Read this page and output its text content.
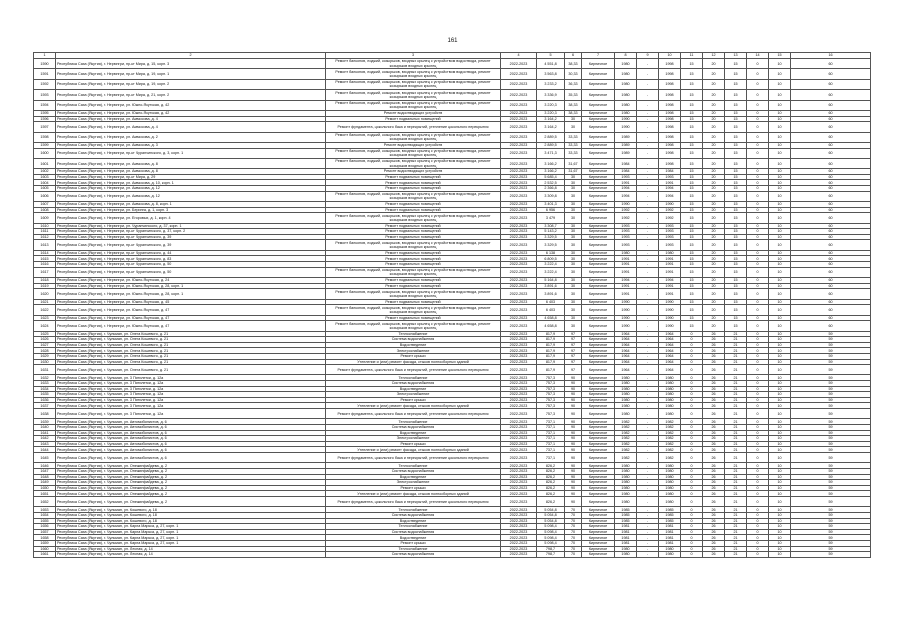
161
1	2	3	4	5	6	7	8	9	10	11	12	13	14	15	16
1590	Республика Саха (Якутия), г. Нерюнгри, пр-кт Мира, д. 15, корп. 3	Ремонт балконов, лоджий, козырьков, входных крылец с устройством водоотвода, ремонт козырьков входных крылец	2022-2023	4 551,8	38,33	Кирпичное	1980	-	1998	15	20	15	0	10	60
1591	Республика Саха (Якутия), г. Нерюнгри, пр-кт Мира, д. 19, корп. 1	Ремонт балконов, лоджий, козырьков, входных крылец с устройством водоотвода, ремонт козырьков входных крылец	2022-2023	3 563,8	30,33	Кирпичное	1980	-	1998	15	20	15	0	10	60
1592	Республика Саха (Якутия), г. Нерюнгри, пр-кт Мира, д. 19, корп. 2	Ремонт балконов, лоджий, козырьков, входных крылец с устройством водоотвода, ремонт козырьков входных крылец	2022-2023	3 233,2	36,33	Кирпичное	1980	-	1998	15	20	15	0	10	60
1593	Республика Саха (Якутия), г. Нерюнгри, пр-кт Мира, д. 21, корп. 2	Ремонт балконов, лоджий, козырьков, входных крылец с устройством водоотвода, ремонт козырьков входных крылец	2022-2023	3 336,9	35,33	Кирпичное	1980	-	1998	15	20	15	0	10	60
1594	Республика Саха (Якутия), г. Нерюнгри, ул. Южно-Якутская, д. 42	Ремонт балконов, лоджий, козырьков, входных крылец с устройством водоотвода, ремонт козырьков входных крылец	2022-2023	3 220,3	38,33	Кирпичное	1980	-	1998	15	20	15	0	10	60
1595	Республика Саха (Якутия), г. Нерюнгри, ул. Южно-Якутская, д. 42	Ремонт водоотводящих устройств	2022-2023	3 220,3	38,33	Кирпичное	1980	-	1998	15	20	15	0	10	60
1596	Республика Саха (Якутия), г. Нерюнгри, ул. Аммосова, д. 4	Ремонт подвальных помещений	2022-2023	3 164,2	30	Кирпичное	1990	-	1998	15	20	15	0	10	60
1597	Республика Саха (Якутия), г. Нерюнгри, ул. Аммосова, д. 4	Ремонт фундамента, цокольного бака и перекрытий, утепление цокольного перекрытия	2022-2023	3 164,2	30	Кирпичное	1990	-	1998	15	20	15	0	10	60
1598	Республика Саха (Якутия), г. Нерюнгри, ул. Аммосова, д. 2	Ремонт балконов, лоджий, козырьков, входных крылец с устройством водоотвода, ремонт козырьков входных крылец	2022-2023	2 889,5	33,33	Кирпичное	1989	-	1998	15	20	15	0	10	60
1599	Республика Саха (Якутия), г. Нерюнгри, ул. Аммосова, д. 3	Ремонт водоотводящих устройств	2022-2023	2 889,5	33,33	Кирпичное	1989	-	1998	15	20	15	0	10	60
1600	Республика Саха (Якутия), г. Нерюнгри, пр-кт Чурапчинского, д. 3, корп. 1	Ремонт балконов, лоджий, козырьков, входных крылец с устройством водоотвода, ремонт козырьков входных крылец	2022-2023	3 471,3	33,33	Кирпичное	1989	-	1998	15	20	15	0	10	60
1601	Республика Саха (Якутия), г. Нерюнгри, ул. Аммосова, д. 8	Ремонт балконов, лоджий, козырьков, входных крылец с устройством водоотвода, ремонт козырьков входных крылец	2022-2023	3 166,2	31,67	Кирпичное	1984	-	1998	15	20	15	0	10	60
1602	Республика Саха (Якутия), г. Нерюнгри, ул. Аммосова, д. 8	Ремонт водоотводящих устройств	2022-2023	3 166,2	31,67	Кирпичное	1984	-	1984	15	20	15	0	10	60
1603	Республика Саха (Якутия), г. Нерюнгри, пр-кт Мира, д. 29	Ремонт подвальных помещений	2022-2023	5 685,4	30	Кирпичное	1993	-	1993	15	20	15	0	10	60
1604	Республика Саха (Якутия), г. Нерюнгри, ул. Аммосова, д. 10, корп. 1	Ремонт подвальных помещений	2022-2023	2 532,5	30	Кирпичное	1991	-	1991	15	20	15	0	10	60
1605	Республика Саха (Якутия), г. Нерюнгри, ул. Аммосова, д. 12	Ремонт подвальных помещений	2022-2023	2 366,8	30	Кирпичное	1994	-	1994	15	20	15	0	10	60
1606	Республика Саха (Якутия), г. Нерюнгри, ул. Аммосова, д. 12	Ремонт балконов, лоджий, козырьков, входных крылец с устройством водоотвода, ремонт козырьков входных крылец	2022-2023	3 309,8	30	Кирпичное	1994	-	1994	15	20	15	0	10	60
1607	Республика Саха (Якутия), г. Нерюнгри, ул. Аммосова, д. 8, корп. 1	Ремонт подвальных помещений	2022-2023	3 401,3	30	Кирпичное	1990	-	1990	15	20	15	0	10	60
1608	Республика Саха (Якутия), г. Нерюнгри, ул. Беринга, д. 1, корп. 3	Ремонт подвальных помещений	2022-2023	6 956	30	Кирпичное	1992	-	1992	15	20	15	0	10	60
1609	Республика Саха (Якутия), г. Нерюнгри, ул. Егоровых, д. 1, корп. 4	Ремонт балконов, лоджий, козырьков, входных крылец с устройством водоотвода, ремонт козырьков входных крылец	2022-2023	3 479	30	Кирпичное	1992	-	1992	15	20	15	0	10	60
1610	Республика Саха (Якутия), г. Нерюнгри, ул. Чурапчинского, д. 37, корп. 1	Ремонт подвальных помещений	2022-2023	3 308,7	30	Кирпичное	1993	-	1993	15	20	15	0	10	60
1611	Республика Саха (Якутия), г. Нерюнгри, пр-кт Чурапчинского, д. 37, корп. 2	Ремонт подвальных помещений	2022-2023	5 143,2	30	Кирпичное	1993	-	1993	15	20	15	0	10	60
1612	Республика Саха (Якутия), г. Нерюнгри, пр-кт Чурапчинского, д. 39	Ремонт подвальных помещений	2022-2023	3 329,5	30	Кирпичное	1993	-	1993	15	20	15	0	10	60
1613	Республика Саха (Якутия), г. Нерюнгри, пр-кт Чурапчинского, д. 39	Ремонт балконов, лоджий, козырьков, входных крылец с устройством водоотвода, ремонт козырьков входных крылец	2022-2023	3 329,5	30	Кирпичное	1993	-	1993	15	20	15	0	10	60
1614	Республика Саха (Якутия), г. Нерюнгри, пр-кт Чурапчинского, д. 44	Ремонт подвальных помещений	2022-2023	6 138	30	Кирпичное	1980	-	1980	15	20	15	0	10	60
1615	Республика Саха (Якутия), г. Нерюнгри, пр-кт Чурапчинского, д. 83	Ремонт подвальных помещений	2022-2023	6 809,5	30	Кирпичное	1991	-	1991	15	20	15	0	10	60
1616	Республика Саха (Якутия), г. Нерюнгри, пр-кт Чурапчинского, д. 50	Ремонт подвальных помещений	2022-2023	3 222,4	30	Кирпичное	1991	-	1991	15	20	15	0	10	60
1617	Республика Саха (Якутия), г. Нерюнгри, пр-кт Чурапчинского, д. 50	Ремонт балконов, лоджий, козырьков, входных крылец с устройством водоотвода, ремонт козырьков входных крылец	2022-2023	3 222,4	30	Кирпичное	1991	-	1991	15	20	15	0	10	60
1618	Республика Саха (Якутия), г. Нерюнгри, ул. Южно-Якутская, д. 24	Ремонт подвальных помещений	2022-2023	5 164,8	30	Кирпичное	1994	-	1994	15	20	15	0	10	60
1619	Республика Саха (Якутия), г. Нерюнгри, ул. Южно-Якутская, д. 28, корп. 1	Ремонт подвальных помещений	2022-2023	3 891,6	30	Кирпичное	1991	-	1991	15	20	15	0	10	60
1620	Республика Саха (Якутия), г. Нерюнгри, ул. Южно-Якутская, д. 28, корп. 1	Ремонт балконов, лоджий, козырьков, входных крылец с устройством водоотвода, ремонт козырьков входных крылец	2022-2023	3 891,6	30	Кирпичное	1991	-	1991	15	20	15	0	10	60
1621	Республика Саха (Якутия), г. Нерюнгри, ул. Южно-Якутская, д. 45	Ремонт подвальных помещений	2022-2023	6 403	30	Кирпичное	1990	-	1990	15	20	15	0	10	60
1622	Республика Саха (Якутия), г. Нерюнгри, ул. Южно-Якутская, д. 47	Ремонт балконов, лоджий, козырьков, входных крылец с устройством водоотвода, ремонт козырьков входных крылец	2022-2023	6 403	30	Кирпичное	1990	-	1990	15	20	15	0	10	60
1623	Республика Саха (Якутия), г. Нерюнгри, ул. Южно-Якутская, д. 47	Ремонт подвальных помещений	2022-2023	4 658,8	30	Кирпичное	1990	-	1990	15	20	15	0	10	60
1624	Республика Саха (Якутия), г. Нерюнгри, ул. Южно-Якутская, д. 47	Ремонт балконов, лоджий, козырьков, входных крылец с устройством водоотвода, ремонт козырьков входных крылец	2022-2023	4 658,8	30	Кирпичное	1990	-	1990	15	20	15	0	10	60
1625	Республика Саха (Якутия), г. Чульман, ул. Олега Кошевого, д. 21	Теплоснабжение	2022-2023	817,9	97	Кирпичное	1964	-	1964	0	26	21	0	10	59
1626	Республика Саха (Якутия), г. Чульман, ул. Олега Кошевого, д. 21	Система водоснабжения	2022-2023	817,9	97	Кирпичное	1964	-	1964	0	26	21	0	10	59
1627	Республика Саха (Якутия), г. Чульман, ул. Олега Кошевого, д. 21	Водоотведение	2022-2023	817,9	97	Кирпичное	1964	-	1964	0	26	21	0	10	59
1628	Республика Саха (Якутия), г. Чульман, ул. Олега Кошевого, д. 21	Электроснабжение	2022-2023	817,9	97	Кирпичное	1964	-	1964	0	26	21	0	10	59
1629	Республика Саха (Якутия), г. Чульман, ул. Олега Кошевого, д. 21	Ремонт крыши	2022-2023	817,9	97	Кирпичное	1964	-	1964	0	26	21	0	10	59
1630	Республика Саха (Якутия), г. Чульман, ул. Олега Кошевого, д. 21	Утепление и (или) ремонт фасада, стыков полносборных зданий	2022-2023	817,9	97	Кирпичное	1964	-	1964	0	26	21	0	10	59
1631	Республика Саха (Якутия), г. Чульман, ул. Олега Кошевого, д. 21	Ремонт фундамента, цокольного бака и перекрытий, утепление цокольного перекрытия	2022-2023	817,9	97	Кирпичное	1964	-	1964	0	26	21	0	10	59
1632	Республика Саха (Якутия), г. Чульман, ул. 3 Пятилетки, д. 12а	Теплоснабжение	2022-2023	757,3	90	Кирпичное	1980	-	1980	0	26	21	0	10	59
1633	Республика Саха (Якутия), г. Чульман, ул. 3 Пятилетки, д. 12а	Система водоснабжения	2022-2023	757,3	90	Кирпичное	1980	-	1980	0	26	21	0	10	59
1634	Республика Саха (Якутия), г. Чульман, ул. 3 Пятилетки, д. 12а	Водоотведение	2022-2023	757,3	90	Кирпичное	1980	-	1980	0	26	21	0	10	59
1635	Республика Саха (Якутия), г. Чульман, ул. 3 Пятилетки, д. 12а	Электроснабжение	2022-2023	757,3	90	Кирпичное	1980	-	1980	0	26	21	0	10	59
1636	Республика Саха (Якутия), г. Чульман, ул. 3 Пятилетки, д. 12а	Ремонт крыши	2022-2023	757,3	90	Кирпичное	1980	-	1980	0	26	21	0	10	59
1637	Республика Саха (Якутия), г. Чульман, ул. 3 Пятилетки, д. 12а	Утепление и (или) ремонт фасада, стыков полносборных зданий	2022-2023	757,3	90	Кирпичное	1980	-	1980	0	26	21	0	10	59
1638	Республика Саха (Якутия), г. Чульман, ул. 3 Пятилетки, д. 12а	Ремонт фундамента, цокольного бака и перекрытий, утепление цокольного перекрытия	2022-2023	757,3	90	Кирпичное	1980	-	1980	0	26	21	0	10	59
1639	Республика Саха (Якутия), г. Чульман, ул. Автомобилистов, д. 6	Теплоснабжение	2022-2023	737,1	90	Кирпичное	1982	-	1982	0	26	21	0	10	59
1640	Республика Саха (Якутия), г. Чульман, ул. Автомобилистов, д. 6	Система водоснабжения	2022-2023	737,1	90	Кирпичное	1982	-	1982	0	26	21	0	10	59
1641	Республика Саха (Якутия), г. Чульман, ул. Автомобилистов, д. 6	Водоотведение	2022-2023	737,1	90	Кирпичное	1982	-	1982	0	26	21	0	10	59
1642	Республика Саха (Якутия), г. Чульман, ул. Автомобилистов, д. 6	Электроснабжение	2022-2023	737,1	90	Кирпичное	1982	-	1982	0	26	21	0	10	59
1643	Республика Саха (Якутия), г. Чульман, ул. Автомобилистов, д. 6	Ремонт крыши	2022-2023	737,1	90	Кирпичное	1982	-	1982	0	26	21	0	10	59
1644	Республика Саха (Якутия), г. Чульман, ул. Автомобилистов, д. 6	Утепление и (или) ремонт фасада, стыков полносборных зданий	2022-2023	737,1	90	Кирпичное	1982	-	1982	0	26	21	0	10	59
1645	Республика Саха (Якутия), г. Чульман, ул. Автомобилистов, д. 6	Ремонт фундамента, цокольного бака и перекрытий, утепление цокольного перекрытия	2022-2023	737,1	90	Кирпичное	1982	-	1982	0	26	21	0	10	59
1646	Республика Саха (Якутия), г. Чульман, ул. Онежинфайдева, д. 2	Теплоснабжение	2022-2023	826,2	90	Кирпичное	1980	-	1980	0	26	21	0	10	59
1647	Республика Саха (Якутия), г. Чульман, ул. Онежинфайдева, д. 2	Система водоснабжения	2022-2023	826,2	90	Кирпичное	1980	-	1980	0	26	21	0	10	59
1648	Республика Саха (Якутия), г. Чульман, ул. Онежинфайдева, д. 2	Водоотведение	2022-2023	826,2	90	Кирпичное	1980	-	1980	0	26	21	0	10	59
1649	Республика Саха (Якутия), г. Чульман, ул. Онежинфайдева, д. 2	Электроснабжение	2022-2023	826,2	90	Кирпичное	1980	-	1980	0	26	21	0	10	59
1650	Республика Саха (Якутия), г. Чульман, ул. Онежинфайдева, д. 2	Ремонт крыши	2022-2023	826,2	90	Кирпичное	1980	-	1980	0	26	21	0	10	59
1651	Республика Саха (Якутия), г. Чульман, ул. Онежинфайдева, д. 2	Утепление и (или) ремонт фасада, стыков полносборных зданий	2022-2023	826,2	90	Кирпичное	1980	-	1980	0	26	21	0	10	59
1652	Республика Саха (Якутия), г. Чульман, ул. Онежинфайдева, д. 2	Ремонт фундамента, цокольного бака и перекрытий, утепление цокольного перекрытия	2022-2023	826,2	90	Кирпичное	1980	-	1980	0	26	21	0	10	59
1653	Республика Саха (Якутия), г. Чульман, ул. Кошевого, д. 18	Теплоснабжение	2022-2023	5 054,8	70	Кирпичное	1985	-	1985	0	26	21	0	10	59
1654	Республика Саха (Якутия), г. Чульман, ул. Кошевого, д. 18	Система водоснабжения	2022-2023	5 054,8	70	Кирпичное	1985	-	1985	0	26	21	0	10	59
1655	Республика Саха (Якутия), г. Чульман, ул. Кошевого, д. 18	Водоотведение	2022-2023	5 054,8	70	Кирпичное	1985	-	1985	0	26	21	0	10	59
1656	Республика Саха (Якутия), г. Чульман, ул. Карла Маркса, д. 27, корп. 1	Теплоснабжение	2022-2023	5 098,4	70	Кирпичное	1981	-	1981	0	26	21	0	10	59
1657	Республика Саха (Якутия), г. Чульман, ул. Карла Маркса, д. 27, корп. 1	Система водоснабжения	2022-2023	5 098,4	70	Кирпичное	1981	-	1981	0	26	21	0	10	59
1658	Республика Саха (Якутия), г. Чульман, ул. Карла Маркса, д. 27, корп. 1	Водоотведение	2022-2023	5 098,4	70	Кирпичное	1981	-	1981	0	26	21	0	10	59
1659	Республика Саха (Якутия), г. Чульман, ул. Карла Маркса, д. 27, корп. 1	Ремонт крыши	2022-2023	5 098,4	70	Кирпичное	1981	-	1981	0	26	21	0	10	59
1660	Республика Саха (Якутия), г. Чульман, ул. Лесная, д. 14	Теплоснабжение	2022-2023	798,7	70	Кирпичное	1980	-	1980	0	26	21	0	10	59
1661	Республика Саха (Якутия), г. Чульман, ул. Лесная, д. 14	Система водоснабжения	2022-2023	798,7	70	Кирпичное	1980	-	1980	0	26	21	0	10	59
